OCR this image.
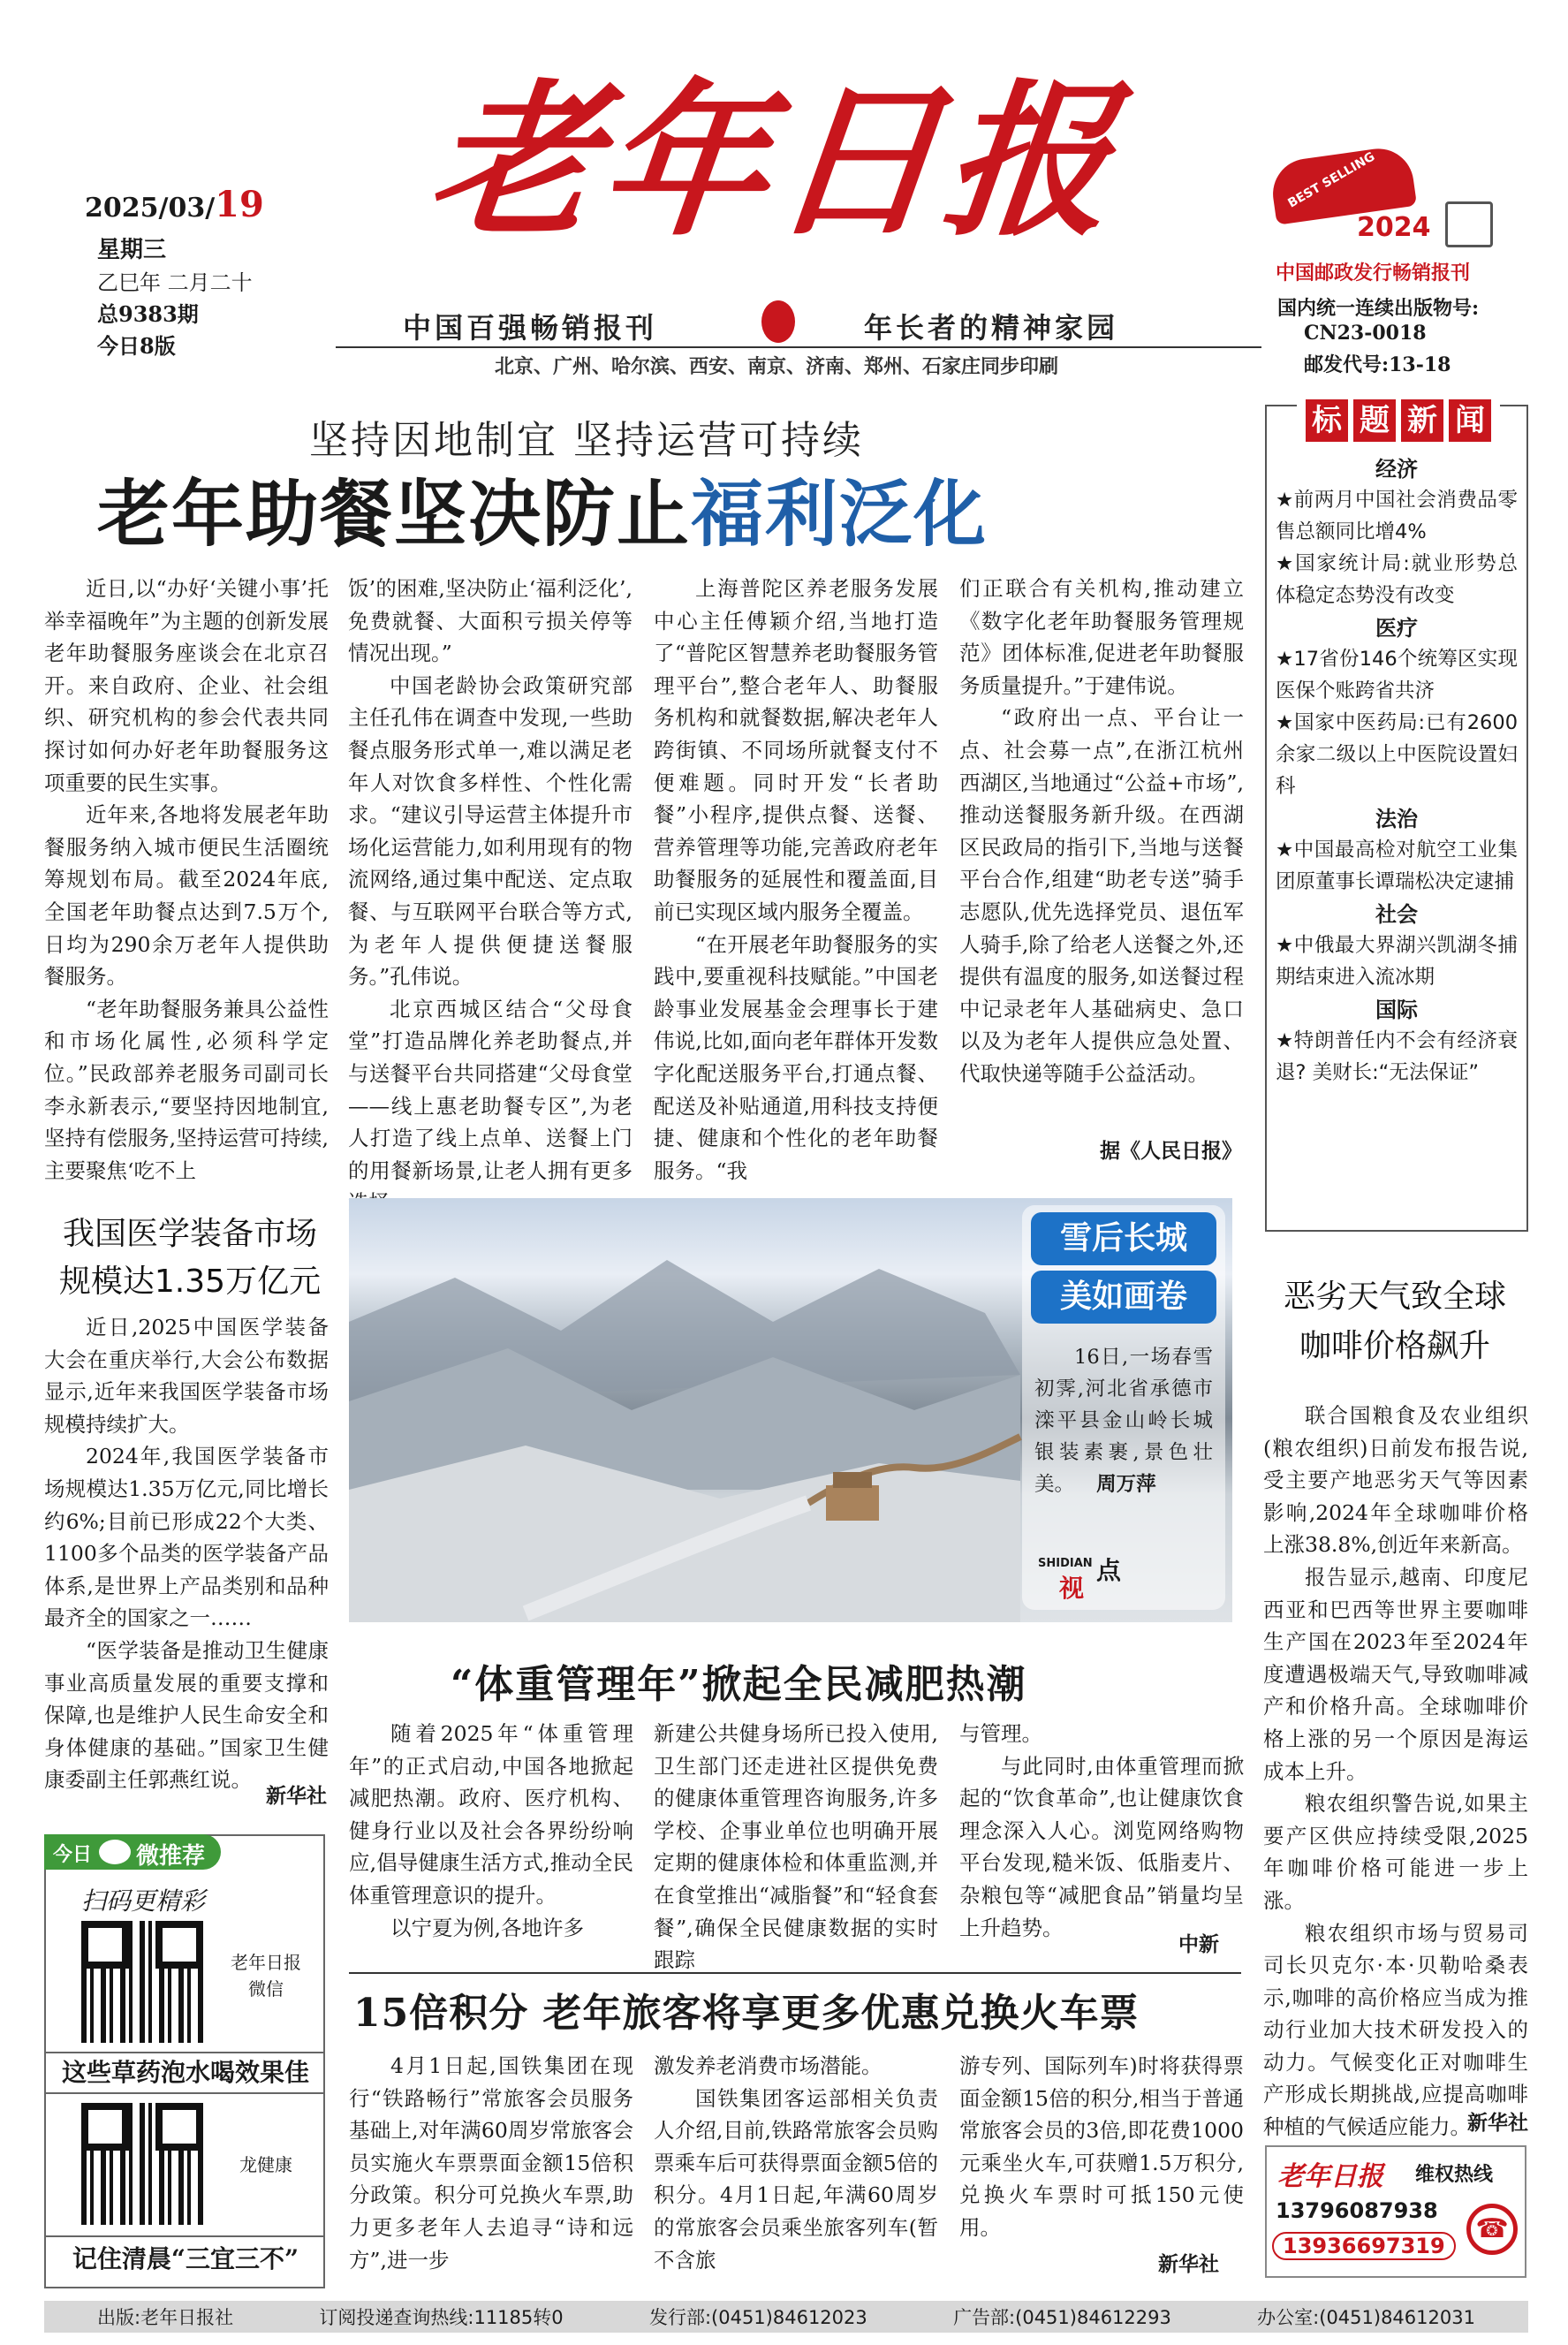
2025/03/19
星期三
乙巳年 二月二十
总9383期
今日8版
老年日报
中国百强畅销报刊	年长者的精神家园
北京、广州、哈尔滨、西安、南京、济南、郑州、石家庄同步印刷
BEST SELLING
2024
中国邮政发行畅销报刊
国内统一连续出版物号:
CN23-0018
邮发代号:13-18
坚持因地制宜 坚持运营可持续
老年助餐坚决防止福利泛化

近日,以“办好‘关键小事’托举幸福晚年”为主题的创新发展老年助餐服务座谈会在北京召开。来自政府、企业、社会组织、研究机构的参会代表共同探讨如何办好老年助餐服务这项重要的民生实事。

近年来,各地将发展老年助餐服务纳入城市便民生活圈统筹规划布局。截至2024年底,全国老年助餐点达到7.5万个,日均为290余万老年人提供助餐服务。

“老年助餐服务兼具公益性和市场化属性,必须科学定位。”民政部养老服务司副司长李永新表示,“要坚持因地制宜,坚持有偿服务,坚持运营可持续,主要聚焦‘吃不上

饭’的困难,坚决防止‘福利泛化’,免费就餐、大面积亏损关停等情况出现。”

中国老龄协会政策研究部主任孔伟在调查中发现,一些助餐点服务形式单一,难以满足老年人对饮食多样性、个性化需求。“建议引导运营主体提升市场化运营能力,如利用现有的物流网络,通过集中配送、定点取餐、与互联网平台联合等方式,为老年人提供便捷送餐服务。”孔伟说。

北京西城区结合“父母食堂”打造品牌化养老助餐点,并与送餐平台共同搭建“父母食堂——线上惠老助餐专区”,为老人打造了线上点单、送餐上门的用餐新场景,让老人拥有更多

上海普陀区养老服务发展中心主任傅颖介绍,当地打造了“普陀区智慧养老助餐服务管理平台”,整合老年人、助餐服务机构和就餐数据,解决老年人跨街镇、不同场所就餐支付不便难题。同时开发“长者助餐”小程序,提供点餐、送餐、营养管理等功能,完善政府老年助餐服务的延展性和覆盖面,目前已实现区域内服务全覆盖。

“在开展老年助餐服务的实践中,要重视科技赋能。”中国老龄事业发展基金会理事长于建伟说,比如,面向老年群体开发数字化配送服务平台,打通点餐、配送及补贴通道,用科技支持便捷、健康和个性化的老年助餐服务。“我

们正联合有关机构,推动建立《数字化老年助餐服务管理规范》团体标准,促进老年助餐服务质量提升。”于建伟说。

“政府出一点、平台让一点、社会募一点”,在浙江杭州西湖区,当地通过“公益+市场”,推动送餐服务新升级。在西湖区民政局的指引下,当地与送餐平台合作,组建“助老专送”骑手志愿队,优先选择党员、退伍军人骑手,除了给老人送餐之外,还提供有温度的服务,如送餐过程中记录老年人基础病史、急口以及为老年人提供应急处置、代取快递等随手公益活动。

据《人民日报》
标 题 新 闻
经济
★ 前两月中国社会消费品零售总额同比增4%
★ 国家统计局:就业形势总体稳定态势没有改变
医疗
★ 17省份146个统筹区实现医保个账跨省共济
★ 国家中医药局:已有2600余家二级以上中医院设置妇科
法治
★ 中国最高检对航空工业集团原董事长谭瑞松决定逮捕
社会
★ 中俄最大界湖兴凯湖冬捕期结束进入流冰期
国际
★ 特朗普任内不会有经济衰退? 美财长:“无法保证”
我国医学装备市场
规模达1.35万亿元

近日,2025中国医学装备大会在重庆举行,大会公布数据显示,近年来我国医学装备市场规模持续扩大。

2024年,我国医学装备市场规模达1.35万亿元,同比增长约6%;目前已形成22个大类、1100多个品类的医学装备产品体系,是世界上产品类别和品种最齐全的国家之一……

“医学装备是推动卫生健康事业高质量发展的重要支撑和保障,也是维护人民生命安全和身体健康的基础。”国家卫生健康委副主任郭燕红说。

新华社
雪后长城
美如画卷
16日,一场春雪初霁,河北省承德市滦平县金山岭长城银装素裹,景色壮美。 周万萍
SHIDIAN
视
点
恶劣天气致全球
咖啡价格飙升

联合国粮食及农业组织(粮农组织)日前发布报告说,受主要产地恶劣天气等因素影响,2024年全球咖啡价格上涨38.8%,创近年来新高。

报告显示,越南、印度尼西亚和巴西等世界主要咖啡生产国在2023年至2024年度遭遇极端天气,导致咖啡减产和价格升高。全球咖啡价格上涨的另一个原因是海运成本上升。

粮农组织警告说,如果主要产区供应持续受限,2025年咖啡价格可能进一步上涨。

粮农组织市场与贸易司司长贝克尔·本·贝勒哈桑表示,咖啡的高价格应当成为推动行业加大技术研发投入的动力。气候变化正对咖啡生产形成长期挑战,应提高咖啡种植的气候适应能力。

新华社
“体重管理年”掀起全民减肥热潮

随着2025年“体重管理年”的正式启动,中国各地掀起减肥热潮。政府、医疗机构、健身行业以及社会各界纷纷响应,倡导健康生活方式,推动全民体重管理意识的提升。

以宁夏为例,各地许多

新建公共健身场所已投入使用,卫生部门还走进社区提供免费的健康体重管理咨询服务,许多学校、企事业单位也明确开展定期的健康体检和体重监测,并在食堂推出“减脂餐”和“轻食套餐”,确保全民健康数据的实时跟踪

与管理。

与此同时,由体重管理而掀起的“饮食革命”,也让健康饮食理念深入人心。浏览网络购物平台发现,糙米饭、低脂麦片、杂粮包等“减肥食品”销量均呈上升趋势。

中新
15倍积分 老年旅客将享更多优惠兑换火车票

4月1日起,国铁集团在现行“铁路畅行”常旅客会员服务基础上,对年满60周岁常旅客会员实施火车票票面金额15倍积分政策。积分可兑换火车票,助力更多老年人去追寻“诗和远方”,进一步

激发养老消费市场潜能。

国铁集团客运部相关负责人介绍,目前,铁路常旅客会员购票乘车后可获得票面金额5倍的积分。4月1日起,年满60周岁的常旅客会员乘坐旅客列车(暂不含旅

游专列、国际列车)时将获得票面金额15倍的积分,相当于普通常旅客会员的3倍,即花费1000元乘坐火车,可获赠1.5万积分,兑换火车票时可抵150元使用。

新华社
今日 微推荐
扫码更精彩
老年日报
微信
这些草药泡水喝效果佳
龙健康
记住清晨“三宜三不”
老年日报 维权热线
13796087938
13936697319
☎
出版:老年日报社	订阅投递查询热线:11185转0	发行部:(0451)84612023	广告部:(0451)84612293	办公室:(0451)84612031
